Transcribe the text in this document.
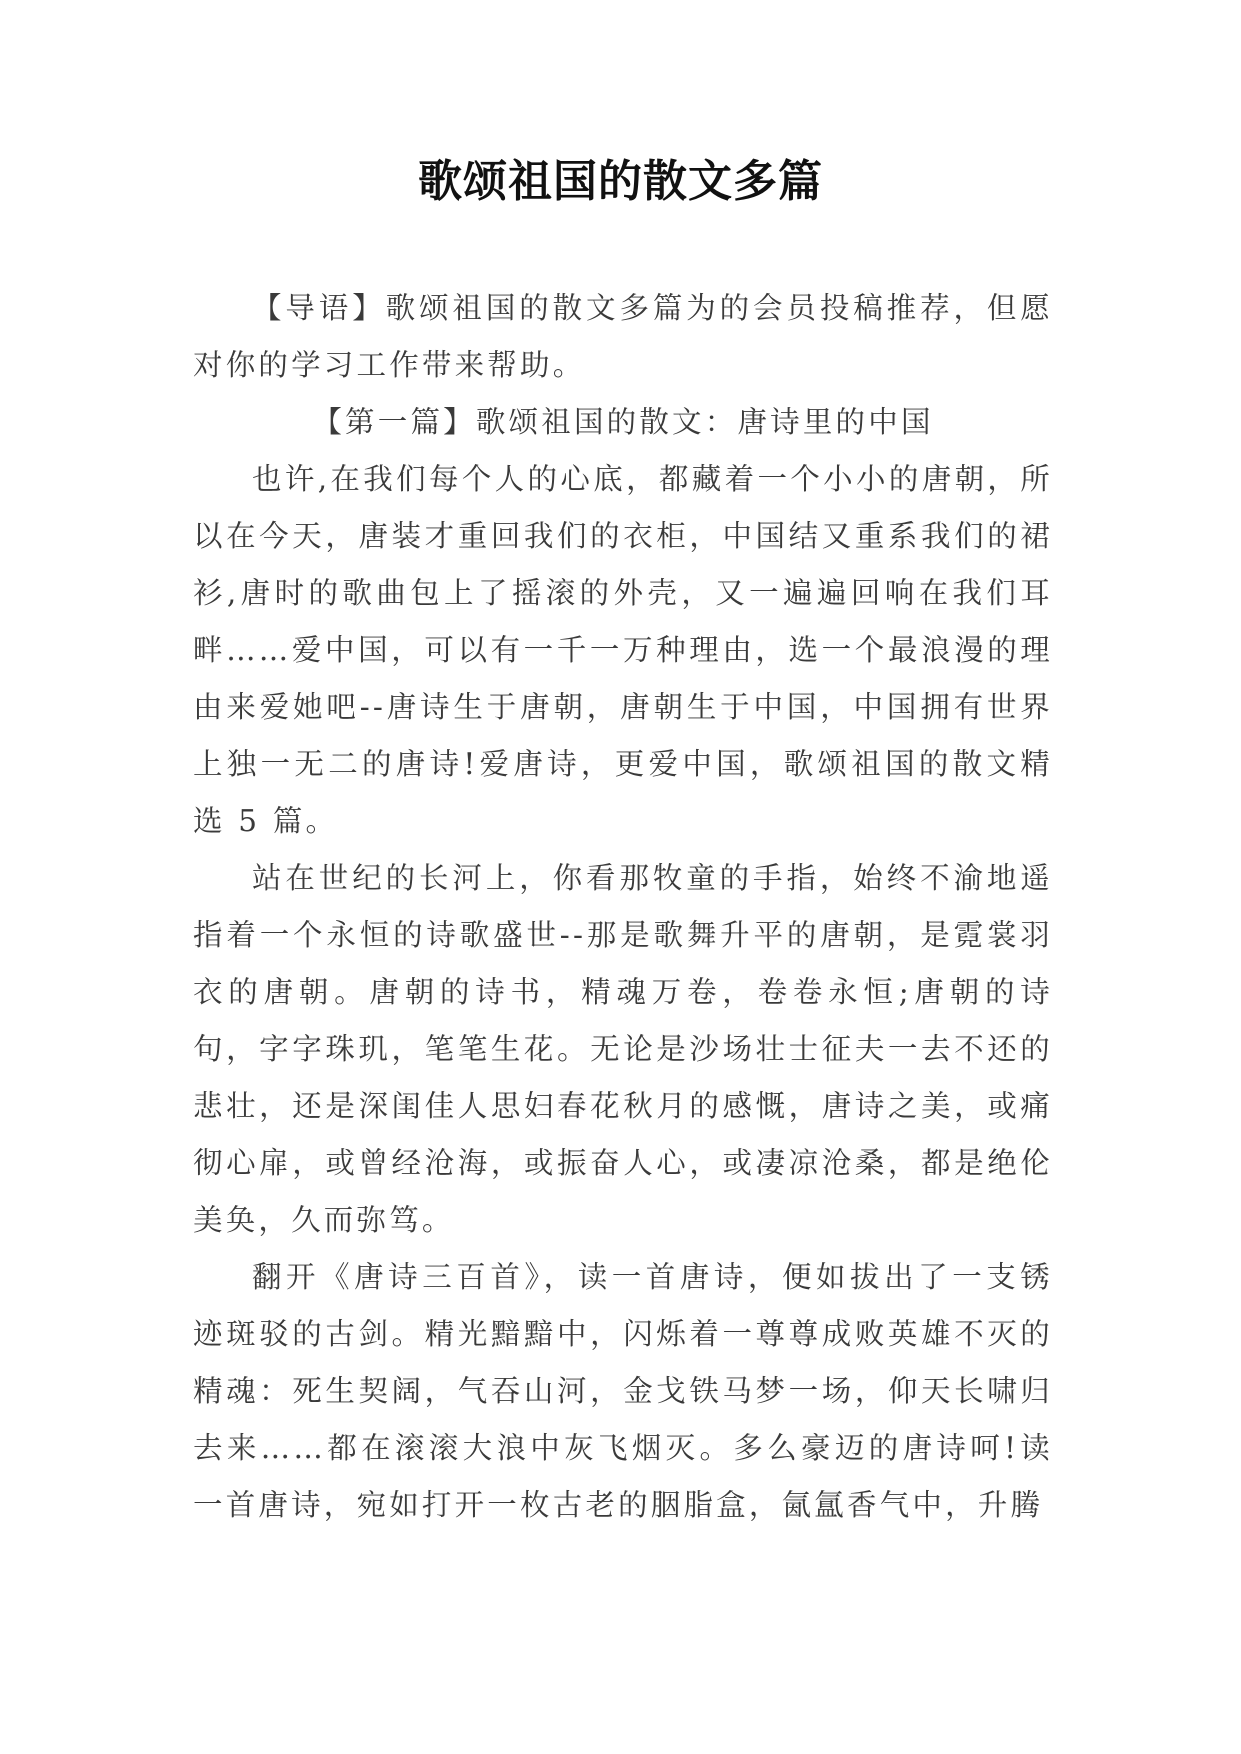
歌颂祖国的散文多篇

【导语】歌颂祖国的散文多篇为的会员投稿推荐，但愿对你的学习工作带来帮助。

【第一篇】歌颂祖国的散文：唐诗里的中国

也许,在我们每个人的心底，都藏着一个小小的唐朝，所以在今天，唐装才重回我们的衣柜，中国结又重系我们的裙衫,唐时的歌曲包上了摇滚的外壳，又一遍遍回响在我们耳畔……爱中国，可以有一千一万种理由，选一个最浪漫的理由来爱她吧--唐诗生于唐朝，唐朝生于中国，中国拥有世界上独一无二的唐诗!爱唐诗，更爱中国，歌颂祖国的散文精选 5 篇。

站在世纪的长河上，你看那牧童的手指，始终不渝地遥指着一个永恒的诗歌盛世--那是歌舞升平的唐朝，是霓裳羽衣的唐朝。唐朝的诗书，精魂万卷，卷卷永恒;唐朝的诗句，字字珠玑，笔笔生花。无论是沙场壮士征夫一去不还的悲壮，还是深闺佳人思妇春花秋月的感慨，唐诗之美，或痛彻心扉，或曾经沧海，或振奋人心，或凄凉沧桑，都是绝伦美奂，久而弥笃。

翻开《唐诗三百首》，读一首唐诗，便如拔出了一支锈迹斑驳的古剑。精光黯黯中，闪烁着一尊尊成败英雄不灭的精魂：死生契阔，气吞山河，金戈铁马梦一场，仰天长啸归去来……都在滚滚大浪中灰飞烟灭。多么豪迈的唐诗呵!读一首唐诗，宛如打开一枚古老的胭脂盒，氤氲香气中，升腾
